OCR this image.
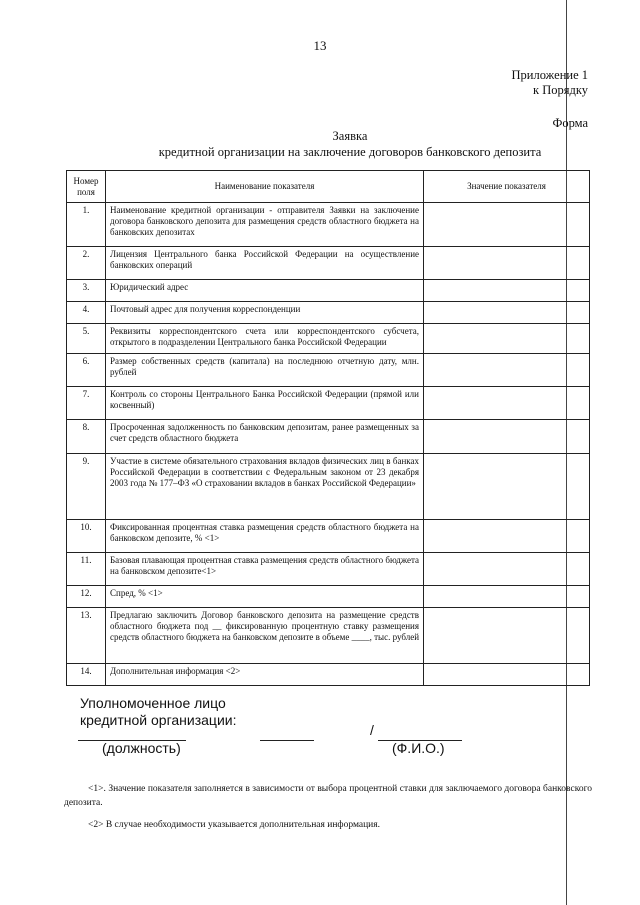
13
Приложение 1
к Порядку
Форма
Заявка
кредитной организации на заключение договоров банковского депозита
Номер поля	Наименование показателя	Значение показателя
1.	Наименование кредитной организации - отправителя Заявки на заключение договора банковского депозита для размещения средств областного бюджета на банковских депозитах	
2.	Лицензия Центрального банка Российской Федерации на осуществление банковских операций	
3.	Юридический адрес	
4.	Почтовый адрес для получения корреспонденции	
5.	Реквизиты корреспондентского счета или корреспондентского субсчета, открытого в подразделении Центрального банка Российской Федерации	
6.	Размер собственных средств (капитала) на последнюю отчетную дату, млн. рублей	
7.	Контроль со стороны Центрального Банка Российской Федерации (прямой или косвенный)	
8.	Просроченная задолженность по банковским депозитам, ранее размещенных за счет средств областного бюджета	
9.	Участие в системе обязательного страхования вкладов физических лиц в банках Российской Федерации в соответствии с Федеральным законом от 23 декабря 2003 года № 177–ФЗ «О страховании вкладов в банках Российской Федерации»	
10.	Фиксированная процентная ставка размещения средств областного бюджета на банковском депозите, % <1>	
11.	Базовая плавающая процентная ставка размещения средств областного бюджета на банковском депозите<1>	
12.	Спред, % <1>	
13.	Предлагаю заключить Договор банковского депозита на размещение средств областного бюджета под __ фиксированную процентную ставку размещения средств областного бюджета на банковском депозите в объеме ____, тыс. рублей	
14.	Дополнительная информация <2>	
Уполномоченное лицо
кредитной организации:
/
(должность)	(Ф.И.О.)
<1>. Значение показателя заполняется в зависимости от выбора процентной ставки для заключаемого договора банковского депозита.
<2> В случае необходимости указывается дополнительная информация.
